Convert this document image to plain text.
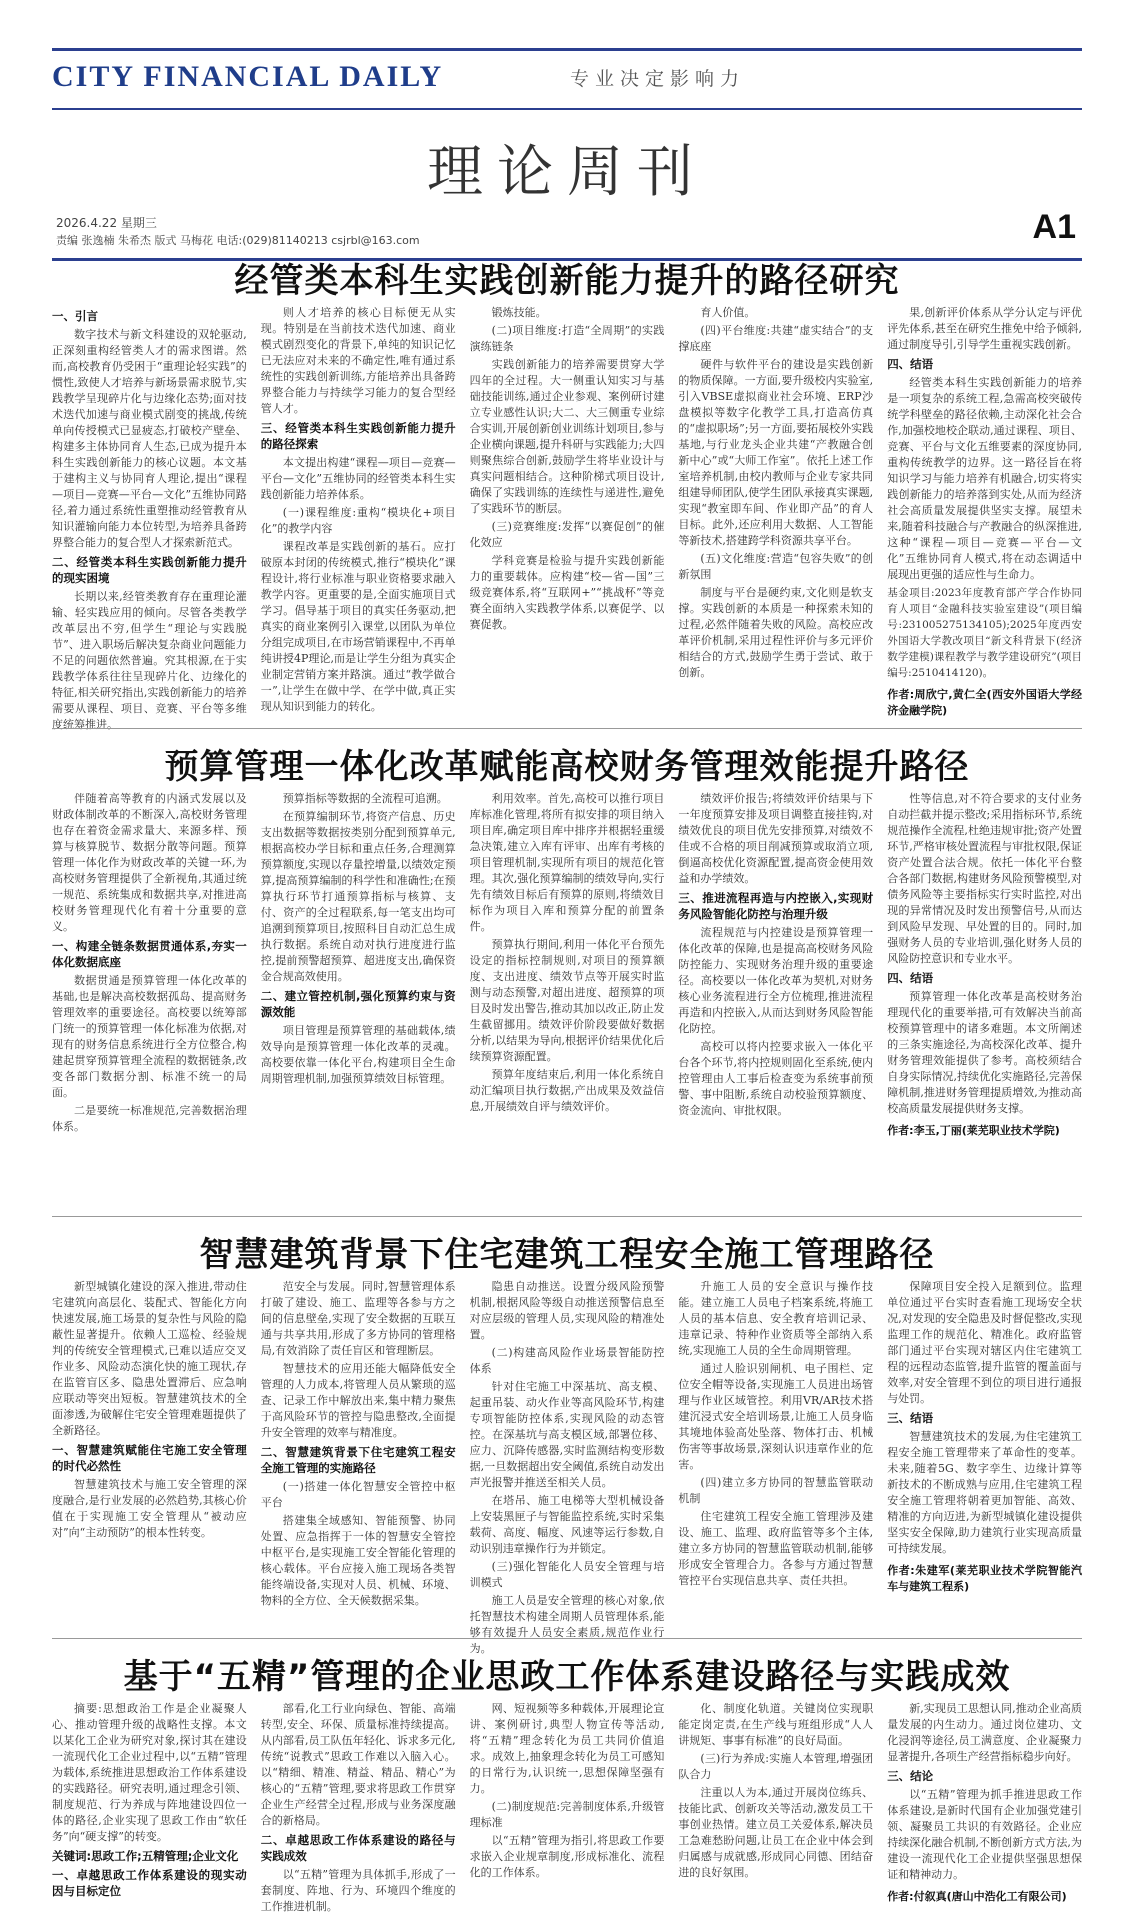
CITY FINANCIAL DAILY	专业决定影响力
理论周刊
2026.4.22 星期三
责编 张逸楠 朱希杰 版式 马梅花 电话:(029)81140213 csjrbl@163.com	A1
经管类本科生实践创新能力提升的路径研究

一、引言

数字技术与新文科建设的双轮驱动,正深刻重构经管类人才的需求图谱。然而,高校教育仍受困于“重理论轻实践”的惯性,致使人才培养与新场景需求脱节,实践教学呈现碎片化与边缘化态势;面对技术迭代加速与商业模式剧变的挑战,传统单向传授模式已显疲态,打破校产壁垒、构建多主体协同育人生态,已成为提升本科生实践创新能力的核心议题。本文基于建构主义与协同育人理论,提出“课程—项目—竞赛—平台—文化”五维协同路径,着力通过系统性重塑推动经管教育从知识灌输向能力本位转型,为培养具备跨界整合能力的复合型人才探索新范式。

二、经管类本科生实践创新能力提升的现实困境

长期以来,经管类教育存在重理论灌输、轻实践应用的倾向。尽管各类教学改革层出不穷,但学生“理论与实践脱节”、进入职场后解决复杂商业问题能力不足的问题依然普遍。究其根源,在于实践教学体系往往呈现碎片化、边缘化的特征,相关研究指出,实践创新能力的培养需要从课程、项目、竞赛、平台等多维度统筹推进。

则人才培养的核心目标便无从实现。特别是在当前技术迭代加速、商业模式剧烈变化的背景下,单纯的知识记忆已无法应对未来的不确定性,唯有通过系统性的实践创新训练,方能培养出具备跨界整合能力与持续学习能力的复合型经管人才。

三、经管类本科生实践创新能力提升的路径探索

本文提出构建“课程—项目—竞赛—平台—文化”五维协同的经管类本科生实践创新能力培养体系。

(一)课程维度:重构“模块化+项目化”的教学内容

课程改革是实践创新的基石。应打破原本封闭的传统模式,推行“模块化”课程设计,将行业标准与职业资格要求融入教学内容。更重要的是,全面实施项目式学习。倡导基于项目的真实任务驱动,把真实的商业案例引入课堂,以团队为单位分组完成项目,在市场营销课程中,不再单纯讲授4P理论,而是让学生分组为真实企业制定营销方案并路演。通过“教学做合一”,让学生在做中学、在学中做,真正实现从知识到能力的转化。

锻炼技能。

(二)项目维度:打造“全周期”的实践演练链条

实践创新能力的培养需要贯穿大学四年的全过程。大一侧重认知实习与基础技能训练,通过企业参观、案例研讨建立专业感性认识;大二、大三侧重专业综合实训,开展创新创业训练计划项目,参与企业横向课题,提升科研与实践能力;大四则聚焦综合创新,鼓励学生将毕业设计与真实问题相结合。这种阶梯式项目设计,确保了实践训练的连续性与递进性,避免了实践环节的断层。

(三)竞赛维度:发挥“以赛促创”的催化效应

学科竞赛是检验与提升实践创新能力的重要载体。应构建“校—省—国”三级竞赛体系,将“互联网+”“挑战杯”等竞赛全面纳入实践教学体系,以赛促学、以赛促教。

育人价值。

(四)平台维度:共建“虚实结合”的支撑底座

硬件与软件平台的建设是实践创新的物质保障。一方面,要升级校内实验室,引入VBSE虚拟商业社会环境、ERP沙盘模拟等数字化教学工具,打造高仿真的“虚拟职场”;另一方面,要拓展校外实践基地,与行业龙头企业共建“产教融合创新中心”或“大师工作室”。依托上述工作室培养机制,由校内教师与企业专家共同组建导师团队,使学生团队承接真实课题,实现“教室即车间、作业即产品”的育人目标。此外,还应利用大数据、人工智能等新技术,搭建跨学科资源共享平台。

(五)文化维度:营造“包容失败”的创新氛围

制度与平台是硬约束,文化则是软支撑。实践创新的本质是一种探索未知的过程,必然伴随着失败的风险。高校应改革评价机制,采用过程性评价与多元评价相结合的方式,鼓励学生勇于尝试、敢于创新。

果,创新评价体系从学分认定与评优评先体系,甚至在研究生推免中给予倾斜,通过制度导引,引导学生重视实践创新。

四、结语

经管类本科生实践创新能力的培养是一项复杂的系统工程,急需高校突破传统学科壁垒的路径依赖,主动深化社会合作,加强校地校企联动,通过课程、项目、竞赛、平台与文化五维要素的深度协同,重构传统教学的边界。这一路径旨在将知识学习与能力培养有机融合,切实将实践创新能力的培养落到实处,从而为经济社会高质量发展提供坚实支撑。展望未来,随着科技融合与产教融合的纵深推进,这种“课程—项目—竞赛—平台—文化”五维协同育人模式,将在动态调适中展现出更强的适应性与生命力。

基金项目:2023年度教育部产学合作协同育人项目“金融科技实验室建设”(项目编号:231005275134105);2025年度西安外国语大学教改项目“新文科背景下(经济数学建模)课程教学与教学建设研究”(项目编号:2510414120)。

作者:周欣宁,黄仁全(西安外国语大学经济金融学院)

预算管理一体化改革赋能高校财务管理效能提升路径

伴随着高等教育的内涵式发展以及财政体制改革的不断深入,高校财务管理也存在着资金需求量大、来源多样、预算与核算脱节、数据分散等问题。预算管理一体化作为财政改革的关键一环,为高校财务管理提供了全新视角,其通过统一规范、系统集成和数据共享,对推进高校财务管理现代化有着十分重要的意义。

一、构建全链条数据贯通体系,夯实一体化数据底座

数据贯通是预算管理一体化改革的基础,也是解决高校数据孤岛、提高财务管理效率的重要途径。高校要以统筹部门统一的预算管理一体化标准为依据,对现有的财务信息系统进行全方位整合,构建起贯穿预算管理全流程的数据链条,改变各部门数据分割、标准不统一的局面。

二是要统一标准规范,完善数据治理体系。

预算指标等数据的全流程可追溯。

在预算编制环节,将资产信息、历史支出数据等数据按类别分配到预算单元,根据高校办学目标和重点任务,合理测算预算额度,实现以存量控增量,以绩效定预算,提高预算编制的科学性和准确性;在预算执行环节打通预算指标与核算、支付、资产的全过程联系,每一笔支出均可追溯到预算项目,按照科目自动汇总生成执行数据。系统自动对执行进度进行监控,提前预警超预算、超进度支出,确保资金合规高效使用。

二、建立管控机制,强化预算约束与资源效能

项目管理是预算管理的基础载体,绩效导向是预算管理一体化改革的灵魂。高校要依靠一体化平台,构建项目全生命周期管理机制,加强预算绩效目标管理。

利用效率。首先,高校可以推行项目库标准化管理,将所有拟安排的项目纳入项目库,确定项目库中排序并根据轻重缓急决策,建立入库有评审、出库有考核的项目管理机制,实现所有项目的规范化管理。其次,强化预算编制的绩效导向,实行先有绩效目标后有预算的原则,将绩效目标作为项目入库和预算分配的前置条件。

预算执行期间,利用一体化平台预先设定的指标控制规则,对项目的预算额度、支出进度、绩效节点等开展实时监测与动态预警,对超出进度、超预算的项目及时发出警告,推动其加以改正,防止发生截留挪用。绩效评价阶段要做好数据分析,以结果为导向,根据评价结果优化后续预算资源配置。

预算年度结束后,利用一体化系统自动汇编项目执行数据,产出成果及效益信息,开展绩效自评与绩效评价。

绩效评价报告;将绩效评价结果与下一年度预算安排及项目调整直接挂钩,对绩效优良的项目优先安排预算,对绩效不佳或不合格的项目削减预算或取消立项,倒逼高校优化资源配置,提高资金使用效益和办学绩效。

三、推进流程再造与内控嵌入,实现财务风险智能化防控与治理升级

流程规范与内控建设是预算管理一体化改革的保障,也是提高高校财务风险防控能力、实现财务治理升级的重要途径。高校要以一体化改革为契机,对财务核心业务流程进行全方位梳理,推进流程再造和内控嵌入,从而达到财务风险智能化防控。

高校可以将内控要求嵌入一体化平台各个环节,将内控规则固化至系统,使内控管理由人工事后检查变为系统事前预警、事中阻断,系统自动校验预算额度、资金流向、审批权限。

性等信息,对不符合要求的支付业务自动拦截并提示整改;采用指标环节,系统规范操作全流程,杜绝违规审批;资产处置环节,严格审核处置流程与审批权限,保证资产处置合法合规。依托一体化平台整合各部门数据,构建财务风险预警模型,对债务风险等主要指标实行实时监控,对出现的异常情况及时发出预警信号,从而达到风险早发现、早处置的目的。同时,加强财务人员的专业培训,强化财务人员的风险防控意识和专业水平。

四、结语

预算管理一体化改革是高校财务治理现代化的重要举措,可有效解决当前高校预算管理中的诸多难题。本文所阐述的三条实施途径,为高校深化改革、提升财务管理效能提供了参考。高校须结合自身实际情况,持续优化实施路径,完善保障机制,推进财务管理提质增效,为推动高校高质量发展提供财务支撑。

作者:李玉,丁丽(莱芜职业技术学院)

智慧建筑背景下住宅建筑工程安全施工管理路径

新型城镇化建设的深入推进,带动住宅建筑向高层化、装配式、智能化方向快速发展,施工场景的复杂性与风险的隐蔽性显著提升。依赖人工巡检、经验规判的传统安全管理模式,已难以适应交叉作业多、风险动态演化快的施工现状,存在监管盲区多、隐患处置滞后、应急响应联动等突出短板。智慧建筑技术的全面渗透,为破解住宅安全管理难题提供了全新路径。

一、智慧建筑赋能住宅施工安全管理的时代必然性

智慧建筑技术与施工安全管理的深度融合,是行业发展的必然趋势,其核心价值在于实现施工安全管理从“被动应对”向“主动预防”的根本性转变。

范安全与发展。同时,智慧管理体系打破了建设、施工、监理等各参与方之间的信息壁垒,实现了安全数据的互联互通与共享共用,形成了多方协同的管理格局,有效消除了责任盲区和管理断层。

智慧技术的应用还能大幅降低安全管理的人力成本,将管理人员从繁琐的巡查、记录工作中解放出来,集中精力聚焦于高风险环节的管控与隐患整改,全面提升安全管理的效率与精准度。

二、智慧建筑背景下住宅建筑工程安全施工管理的实施路径

(一)搭建一体化智慧安全管控中枢平台

搭建集全域感知、智能预警、协同处置、应急指挥于一体的智慧安全管控中枢平台,是实现施工安全智能化管理的核心载体。平台应接入施工现场各类智能终端设备,实现对人员、机械、环境、物料的全方位、全天候数据采集。

隐患自动推送。设置分级风险预警机制,根据风险等级自动推送预警信息至对应层级的管理人员,实现风险的精准处置。

(二)构建高风险作业场景智能防控体系

针对住宅施工中深基坑、高支模、起重吊装、动火作业等高风险环节,构建专项智能防控体系,实现风险的动态管控。在深基坑与高支模区域,部署位移、应力、沉降传感器,实时监测结构变形数据,一旦数据超出安全阈值,系统自动发出声光报警并推送至相关人员。

在塔吊、施工电梯等大型机械设备上安装黑匣子与智能监控系统,实时采集载荷、高度、幅度、风速等运行参数,自动识别违章操作行为并锁定。

(三)强化智能化人员安全管理与培训模式

施工人员是安全管理的核心对象,依托智慧技术构建全周期人员管理体系,能够有效提升人员安全素质,规范作业行为。

升施工人员的安全意识与操作技能。建立施工人员电子档案系统,将施工人员的基本信息、安全教育培训记录、违章记录、特种作业资质等全部纳入系统,实现施工人员的全生命周期管理。

通过人脸识别闸机、电子围栏、定位安全帽等设备,实现施工人员进出场管理与作业区域管控。利用VR/AR技术搭建沉浸式安全培训场景,让施工人员身临其境地体验高处坠落、物体打击、机械伤害等事故场景,深刻认识违章作业的危害。

(四)建立多方协同的智慧监管联动机制

住宅建筑工程安全施工管理涉及建设、施工、监理、政府监管等多个主体,建立多方协同的智慧监管联动机制,能够形成安全管理合力。各参与方通过智慧管控平台实现信息共享、责任共担。

保障项目安全投入足额到位。监理单位通过平台实时查看施工现场安全状况,对发现的安全隐患及时督促整改,实现监理工作的规范化、精准化。政府监管部门通过平台实现对辖区内住宅建筑工程的远程动态监管,提升监管的覆盖面与效率,对安全管理不到位的项目进行通报与处罚。

三、结语

智慧建筑技术的发展,为住宅建筑工程安全施工管理带来了革命性的变革。未来,随着5G、数字孪生、边缘计算等新技术的不断成熟与应用,住宅建筑工程安全施工管理将朝着更加智能、高效、精准的方向迈进,为新型城镇化建设提供坚实安全保障,助力建筑行业实现高质量可持续发展。

作者:朱建军(莱芜职业技术学院智能汽车与建筑工程系)

基于“五精”管理的企业思政工作体系建设路径与实践成效

摘要:思想政治工作是企业凝聚人心、推动管理升级的战略性支撑。本文以某化工企业为研究对象,探讨其在建设一流现代化工企业过程中,以“五精”管理为载体,系统推进思想政治工作体系建设的实践路径。研究表明,通过理念引领、制度规范、行为养成与阵地建设四位一体的路径,企业实现了思政工作由“软任务”向“硬支撑”的转变。

关键词:思政工作;五精管理;企业文化

一、卓越思政工作体系建设的现实动因与目标定位

部看,化工行业向绿色、智能、高端转型,安全、环保、质量标准持续提高。从内部看,员工队伍年轻化、诉求多元化,传统“说教式”思政工作难以入脑入心。以“精细、精准、精益、精品、精心”为核心的“五精”管理,要求将思政工作贯穿企业生产经营全过程,形成与业务深度融合的新格局。

二、卓越思政工作体系建设的路径与实践成效

以“五精”管理为具体抓手,形成了一套制度、阵地、行为、环境四个维度的工作推进机制。

网、短视频等多种载体,开展理论宣讲、案例研讨,典型人物宣传等活动,将“五精”理念转化为员工共同价值追求。成效上,抽象理念转化为员工可感知的日常行为,认识统一,思想保障坚强有力。

(二)制度规范:完善制度体系,升级管理标准

以“五精”管理为指引,将思政工作要求嵌入企业规章制度,形成标准化、流程化的工作体系。

化、制度化轨道。关键岗位实现职能定岗定责,在生产线与班组形成“人人讲规矩、事事有标准”的良好局面。

(三)行为养成:实施人本管理,增强团队合力

注重以人为本,通过开展岗位练兵、技能比武、创新攻关等活动,激发员工干事创业热情。建立员工关爱体系,解决员工急难愁盼问题,让员工在企业中体会到归属感与成就感,形成同心同德、团结奋进的良好氛围。

新,实现员工思想认同,推动企业高质量发展的内生动力。通过岗位建功、文化浸润等途径,员工满意度、企业凝聚力显著提升,各项生产经营指标稳步向好。

三、结论

以“五精”管理为抓手推进思政工作体系建设,是新时代国有企业加强党建引领、凝聚员工共识的有效路径。企业应持续深化融合机制,不断创新方式方法,为建设一流现代化工企业提供坚强思想保证和精神动力。

作者:付叙真(唐山中浩化工有限公司)
